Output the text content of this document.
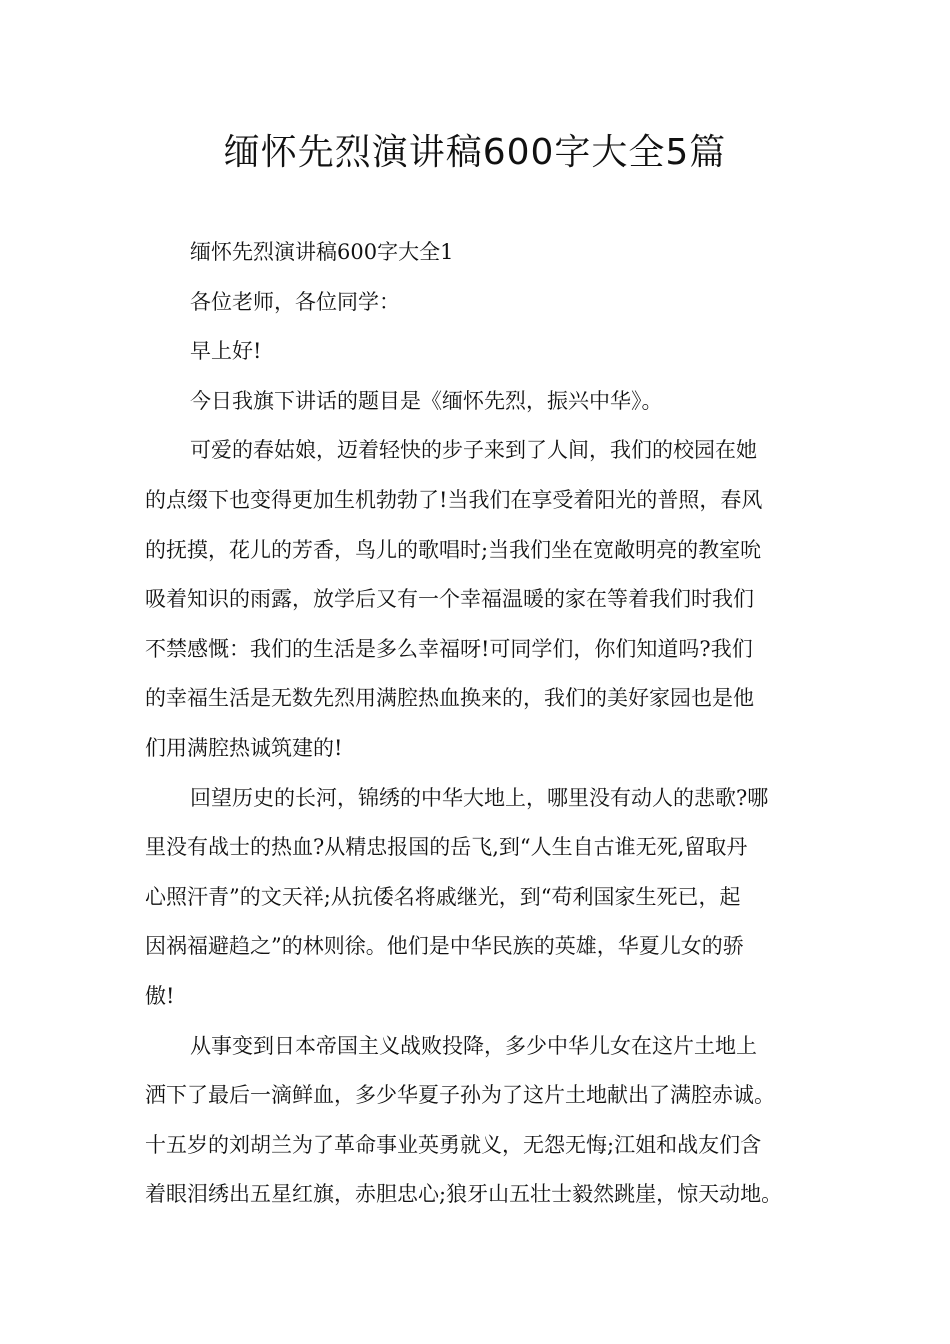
缅怀先烈演讲稿600字大全5篇
缅怀先烈演讲稿600字大全1
各位老师，各位同学：
早上好!
今日我旗下讲话的题目是《缅怀先烈，振兴中华》。
可爱的春姑娘，迈着轻快的步子来到了人间，我们的校园在她
的点缀下也变得更加生机勃勃了!当我们在享受着阳光的普照，春风
的抚摸，花儿的芳香，鸟儿的歌唱时;当我们坐在宽敞明亮的教室吮
吸着知识的雨露，放学后又有一个幸福温暖的家在等着我们时我们
不禁感慨：我们的生活是多么幸福呀!可同学们，你们知道吗?我们
的幸福生活是无数先烈用满腔热血换来的，我们的美好家园也是他
们用满腔热诚筑建的!
回望历史的长河，锦绣的中华大地上，哪里没有动人的悲歌?哪
里没有战士的热血?从精忠报国的岳飞,到“人生自古谁无死,留取丹
心照汗青”的文天祥;从抗倭名将戚继光，到“苟利国家生死已，起
因祸福避趋之”的林则徐。他们是中华民族的英雄，华夏儿女的骄
傲!
从事变到日本帝国主义战败投降，多少中华儿女在这片土地上
洒下了最后一滴鲜血，多少华夏子孙为了这片土地献出了满腔赤诚。
十五岁的刘胡兰为了革命事业英勇就义，无怨无悔;江姐和战友们含
着眼泪绣出五星红旗，赤胆忠心;狼牙山五壮士毅然跳崖，惊天动地。
